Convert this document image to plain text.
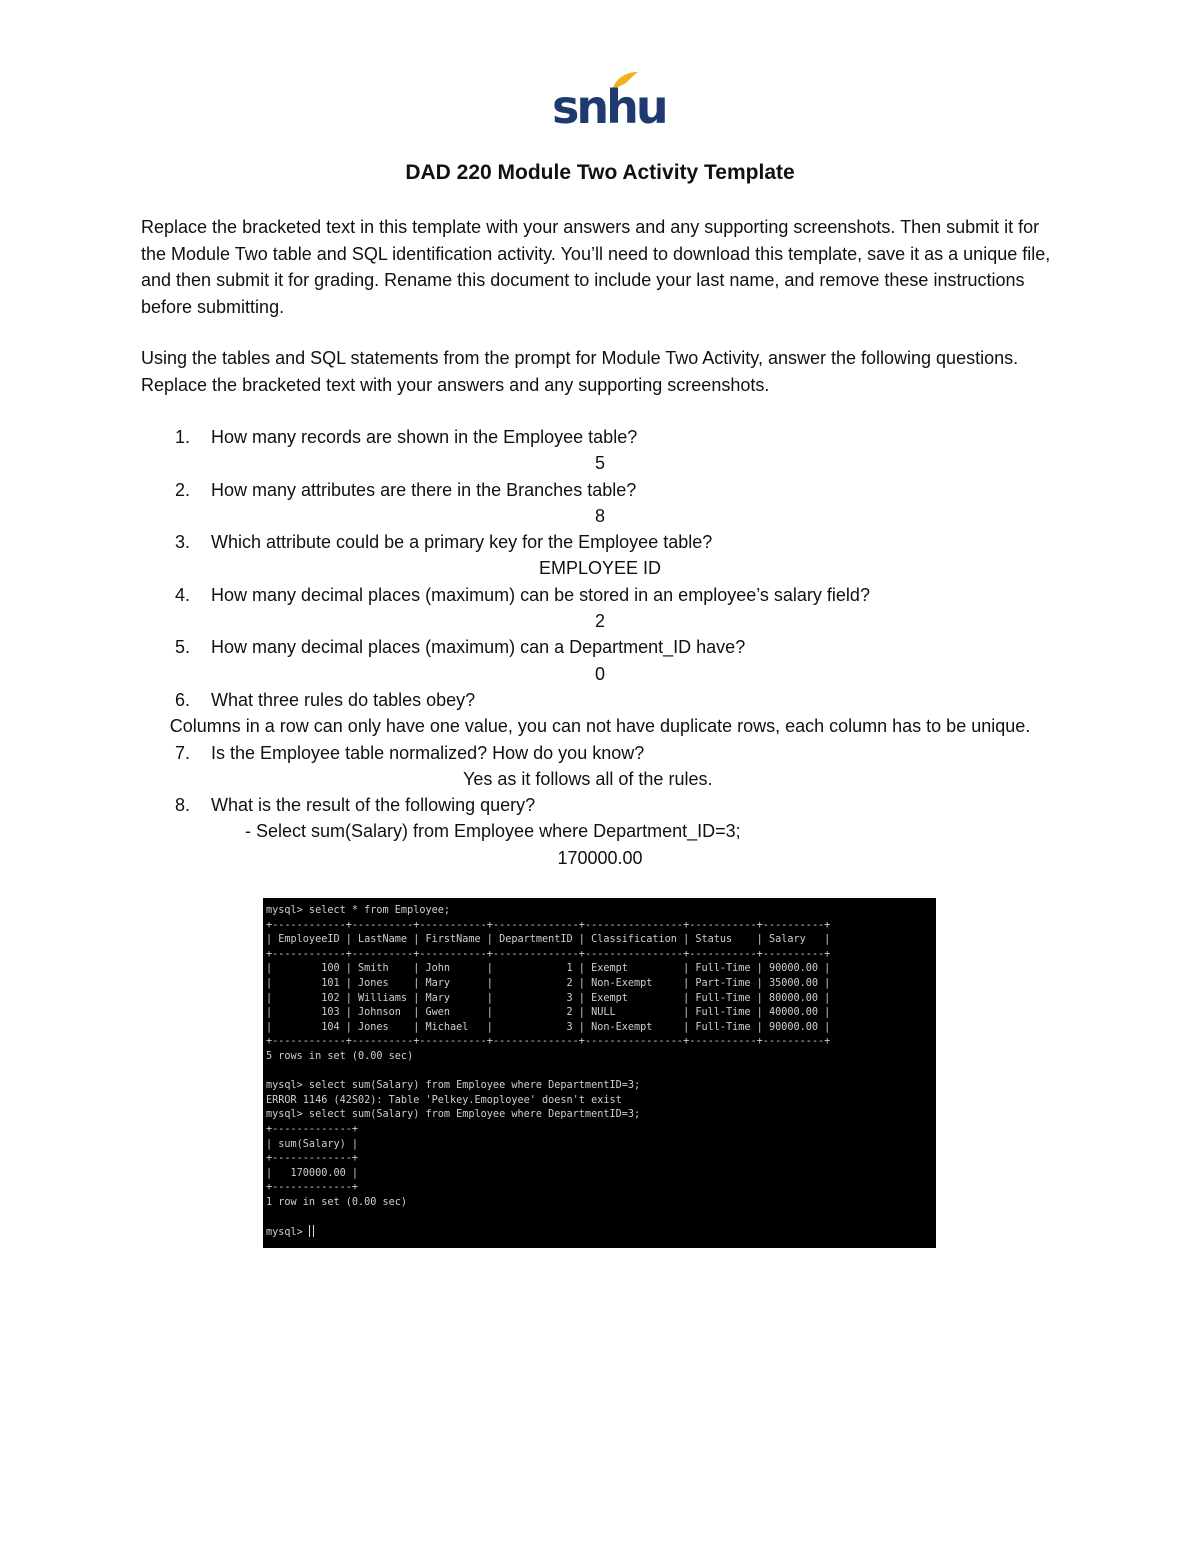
snhu
DAD 220 Module Two Activity Template
Replace the bracketed text in this template with your answers and any supporting screenshots. Then submit it for the Module Two table and SQL identification activity. You’ll need to download this template, save it as a unique file, and then submit it for grading. Rename this document to include your last name, and remove these instructions before submitting.
Using the tables and SQL statements from the prompt for Module Two Activity, answer the following questions. Replace the bracketed text with your answers and any supporting screenshots.
1. How many records are shown in the Employee table?
5
2. How many attributes are there in the Branches table?
8
3. Which attribute could be a primary key for the Employee table?
EMPLOYEE ID
4. How many decimal places (maximum) can be stored in an employee’s salary field?
2
5. How many decimal places (maximum) can a Department_ID have?
0
6. What three rules do tables obey?
Columns in a row can only have one value, you can not have duplicate rows, each column has to be unique.
7. Is the Employee table normalized? How do you know?
Yes as it follows all of the rules.
8. What is the result of the following query?
- Select sum(Salary) from Employee where Department_ID=3;
170000.00
mysql> select * from Employee;
+------------+----------+-----------+--------------+----------------+-----------+----------+
| EmployeeID | LastName | FirstName | DepartmentID | Classification | Status    | Salary   |
+------------+----------+-----------+--------------+----------------+-----------+----------+
|        100 | Smith    | John      |            1 | Exempt         | Full-Time | 90000.00 |
|        101 | Jones    | Mary      |            2 | Non-Exempt     | Part-Time | 35000.00 |
|        102 | Williams | Mary      |            3 | Exempt         | Full-Time | 80000.00 |
|        103 | Johnson  | Gwen      |            2 | NULL           | Full-Time | 40000.00 |
|        104 | Jones    | Michael   |            3 | Non-Exempt     | Full-Time | 90000.00 |
+------------+----------+-----------+--------------+----------------+-----------+----------+
5 rows in set (0.00 sec)
mysql> select sum(Salary) from Employee where DepartmentID=3;
ERROR 1146 (42S02): Table 'Pelkey.Emoployee' doesn't exist
mysql> select sum(Salary) from Employee where DepartmentID=3;
+-------------+
| sum(Salary) |
+-------------+
|   170000.00 |
+-------------+
1 row in set (0.00 sec)
mysql>
